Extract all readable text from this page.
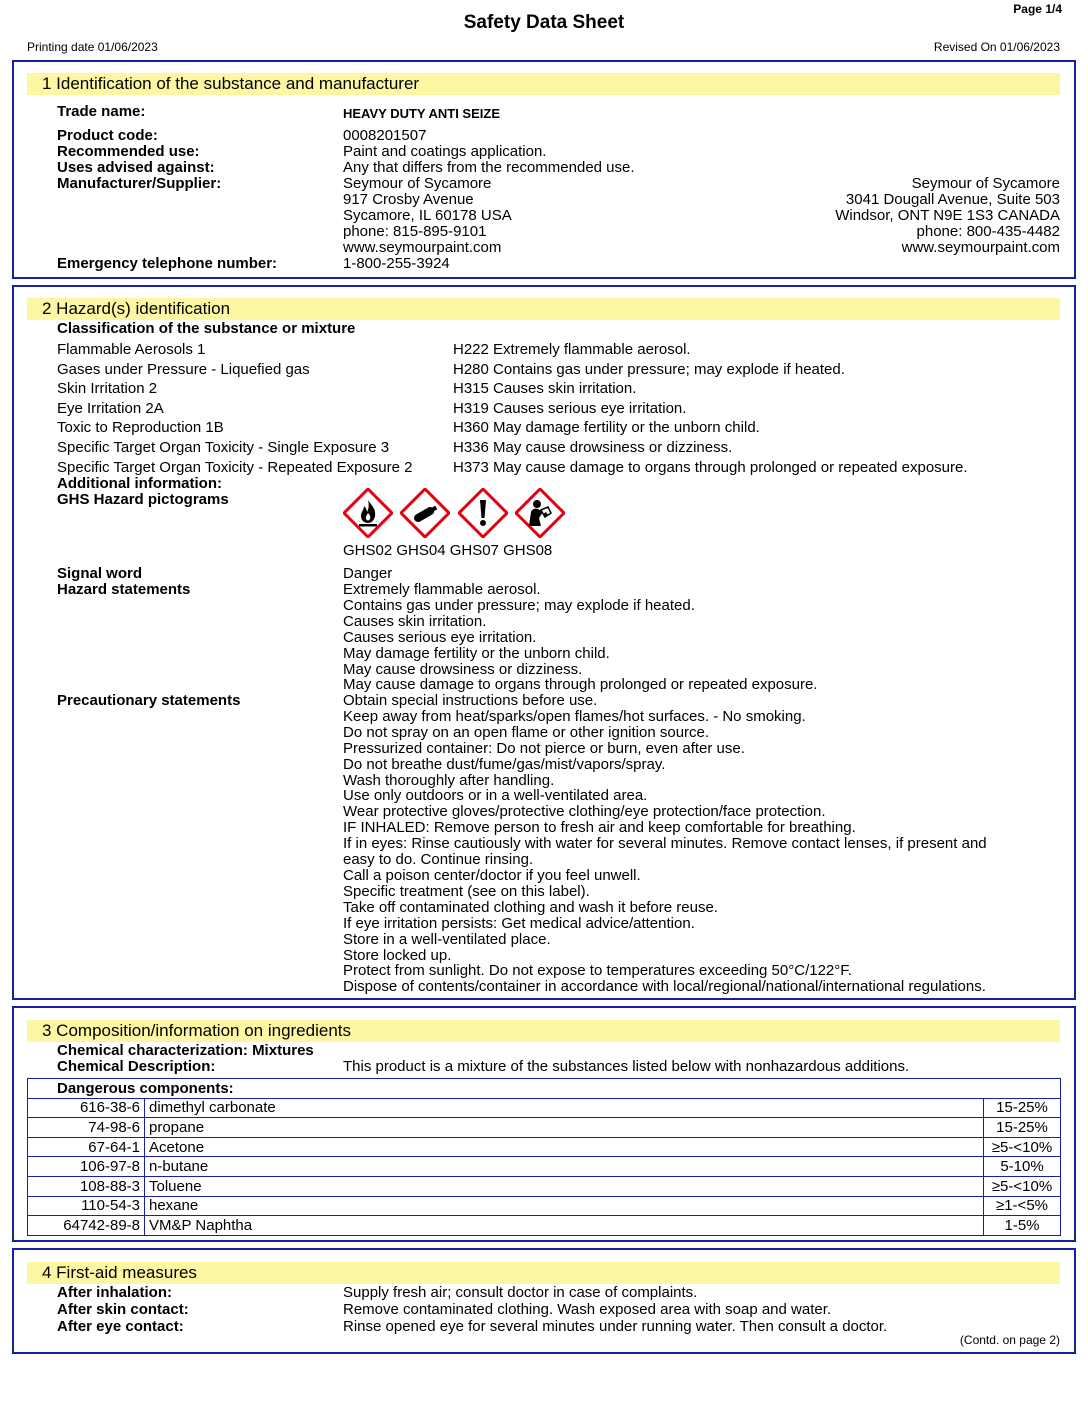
Safety Data Sheet
Page 1/4
Printing date 01/06/2023	Revised On 01/06/2023
1 Identification of the substance and manufacturer
Trade name:	HEAVY DUTY ANTI SEIZE
Product code:	0008201507
Recommended use:	Paint and coatings application.
Uses advised against:	Any that differs from the recommended use.
Manufacturer/Supplier:	Seymour of Sycamore
917 Crosby Avenue
Sycamore, IL 60178 USA
phone: 815-895-9101
www.seymourpaint.com
Seymour of Sycamore
3041 Dougall Avenue, Suite 503
Windsor, ONT N9E 1S3 CANADA
phone: 800-435-4482
www.seymourpaint.com
Emergency telephone number:	1-800-255-3924
2 Hazard(s) identification
Classification of the substance or mixture
Flammable Aerosols 1	H222 Extremely flammable aerosol.
Gases under Pressure - Liquefied gas	H280 Contains gas under pressure; may explode if heated.
Skin Irritation 2	H315 Causes skin irritation.
Eye Irritation 2A	H319 Causes serious eye irritation.
Toxic to Reproduction 1B	H360 May damage fertility or the unborn child.
Specific Target Organ Toxicity - Single Exposure 3	H336 May cause drowsiness or dizziness.
Specific Target Organ Toxicity - Repeated Exposure 2	H373 May cause damage to organs through prolonged or repeated exposure.
Additional information:
GHS Hazard pictograms
GHS02 GHS04 GHS07 GHS08
Signal word	Danger
Hazard statements	Extremely flammable aerosol.
Contains gas under pressure; may explode if heated.
Causes skin irritation.
Causes serious eye irritation.
May damage fertility or the unborn child.
May cause drowsiness or dizziness.
May cause damage to organs through prolonged or repeated exposure.
Precautionary statements	Obtain special instructions before use.
Keep away from heat/sparks/open flames/hot surfaces. - No smoking.
Do not spray on an open flame or other ignition source.
Pressurized container: Do not pierce or burn, even after use.
Do not breathe dust/fume/gas/mist/vapors/spray.
Wash thoroughly after handling.
Use only outdoors or in a well-ventilated area.
Wear protective gloves/protective clothing/eye protection/face protection.
IF INHALED: Remove person to fresh air and keep comfortable for breathing.
If in eyes: Rinse cautiously with water for several minutes. Remove contact lenses, if present and
easy to do. Continue rinsing.
Call a poison center/doctor if you feel unwell.
Specific treatment (see on this label).
Take off contaminated clothing and wash it before reuse.
If eye irritation persists: Get medical advice/attention.
Store in a well-ventilated place.
Store locked up.
Protect from sunlight. Do not expose to temperatures exceeding 50°C/122°F.
Dispose of contents/container in accordance with local/regional/national/international regulations.
3 Composition/information on ingredients
Chemical characterization: Mixtures
Chemical Description:	This product is a mixture of the substances listed below with nonhazardous additions.
Dangerous components:		
616-38-6	dimethyl carbonate	15-25%
74-98-6	propane	15-25%
67-64-1	Acetone	≥5-<10%
106-97-8	n-butane	5-10%
108-88-3	Toluene	≥5-<10%
110-54-3	hexane	≥1-<5%
64742-89-8	VM&P Naphtha	1-5%
4 First-aid measures
After inhalation:	Supply fresh air; consult doctor in case of complaints.
After skin contact:	Remove contaminated clothing. Wash exposed area with soap and water.
After eye contact:	Rinse opened eye for several minutes under running water. Then consult a doctor.
(Contd. on page 2)
